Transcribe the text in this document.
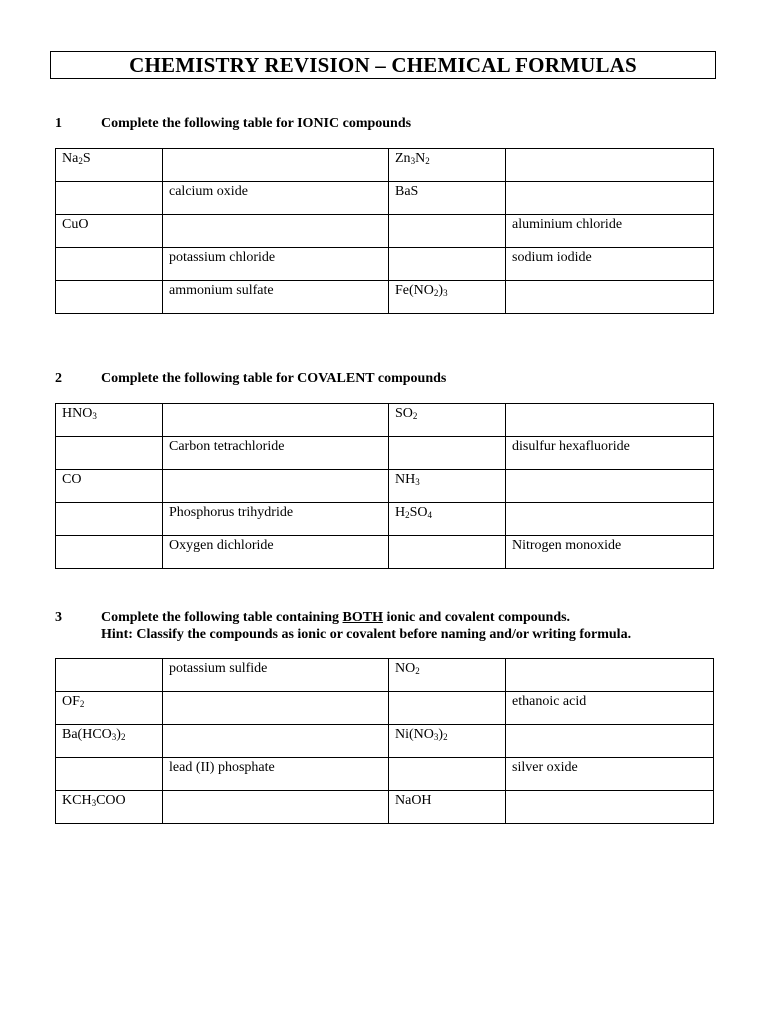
CHEMISTRY REVISION – CHEMICAL FORMULAS
1	Complete the following table for IONIC compounds
$Na_2S$		$Zn_3N_2$	
	calcium oxide	BaS	
CuO			aluminium chloride
	potassium chloride		sodium iodide
	ammonium sulfate	$Fe(NO_2)_3$	
2	Complete the following table for COVALENT compounds
$HNO_3$		$SO_2$	
	Carbon tetrachloride		disulfur hexafluoride
CO		$NH_3$	
	Phosphorus trihydride	$H_2SO_4$	
	Oxygen dichloride		Nitrogen monoxide
3	Complete the following table containing BOTH ionic and covalent compounds.
Hint: Classify the compounds as ionic or covalent before naming and/or writing formula.
	potassium sulfide	$NO_2$	
$OF_2$			ethanoic acid
$Ba(HCO_3)_2$		$Ni(NO_3)_2$	
	lead (II) phosphate		silver oxide
$KCH_3COO$		NaOH	
